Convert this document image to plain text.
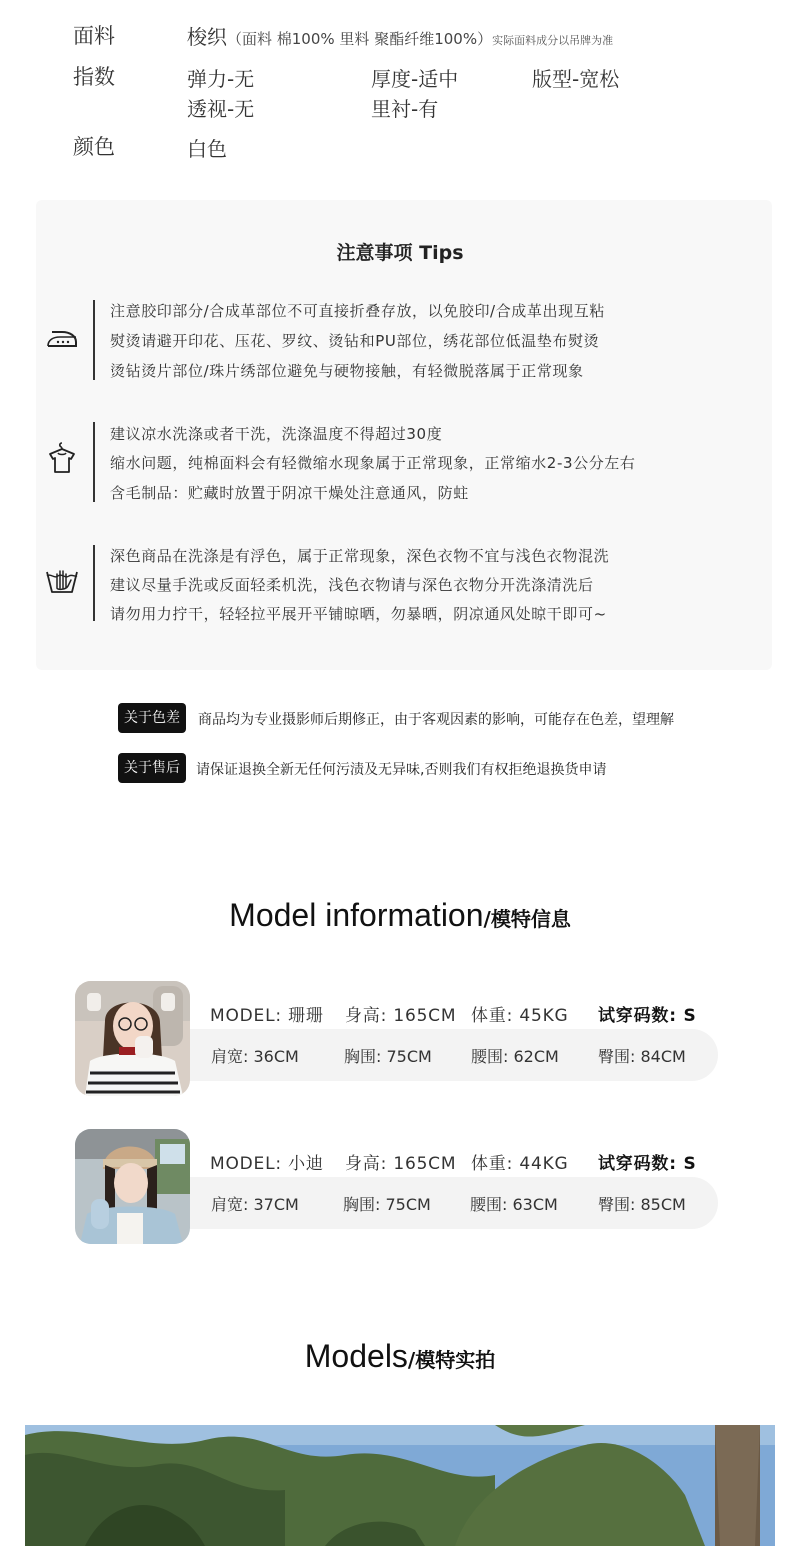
面料	梭织（面料 棉100% 里料 聚酯纤维100%）实际面料成分以吊牌为准
指数	弹力-无	厚度-适中	版型-宽松
透视-无	里衬-有
颜色	白色
注意事项 Tips
注意胶印部分/合成革部位不可直接折叠存放，以免胶印/合成革出现互粘
熨烫请避开印花、压花、罗纹、烫钻和PU部位，绣花部位低温垫布熨烫
烫钻烫片部位/珠片绣部位避免与硬物接触，有轻微脱落属于正常现象
建议凉水洗涤或者干洗，洗涤温度不得超过30度
缩水问题，纯棉面料会有轻微缩水现象属于正常现象，正常缩水2-3公分左右
含毛制品：贮藏时放置于阴凉干燥处注意通风，防蛀
深色商品在洗涤是有浮色，属于正常现象，深色衣物不宜与浅色衣物混洗
建议尽量手洗或反面轻柔机洗，浅色衣物请与深色衣物分开洗涤清洗后
请勿用力拧干，轻轻拉平展开平铺晾晒，勿暴晒，阴凉通风处晾干即可~
关于色差	商品均为专业摄影师后期修正，由于客观因素的影响，可能存在色差，望理解
关于售后	请保证退换全新无任何污渍及无异味,否则我们有权拒绝退换货申请
Model information/模特信息
MODEL: 珊珊 身高: 165CM 体重: 45KG 试穿码数: S
肩宽: 36CM	胸围: 75CM 腰围: 62CM 臀围: 84CM
MODEL: 小迪 身高: 165CM 体重: 44KG 试穿码数: S
肩宽: 37CM	胸围: 75CM 腰围: 63CM	臀围: 85CM
Models/模特实拍
